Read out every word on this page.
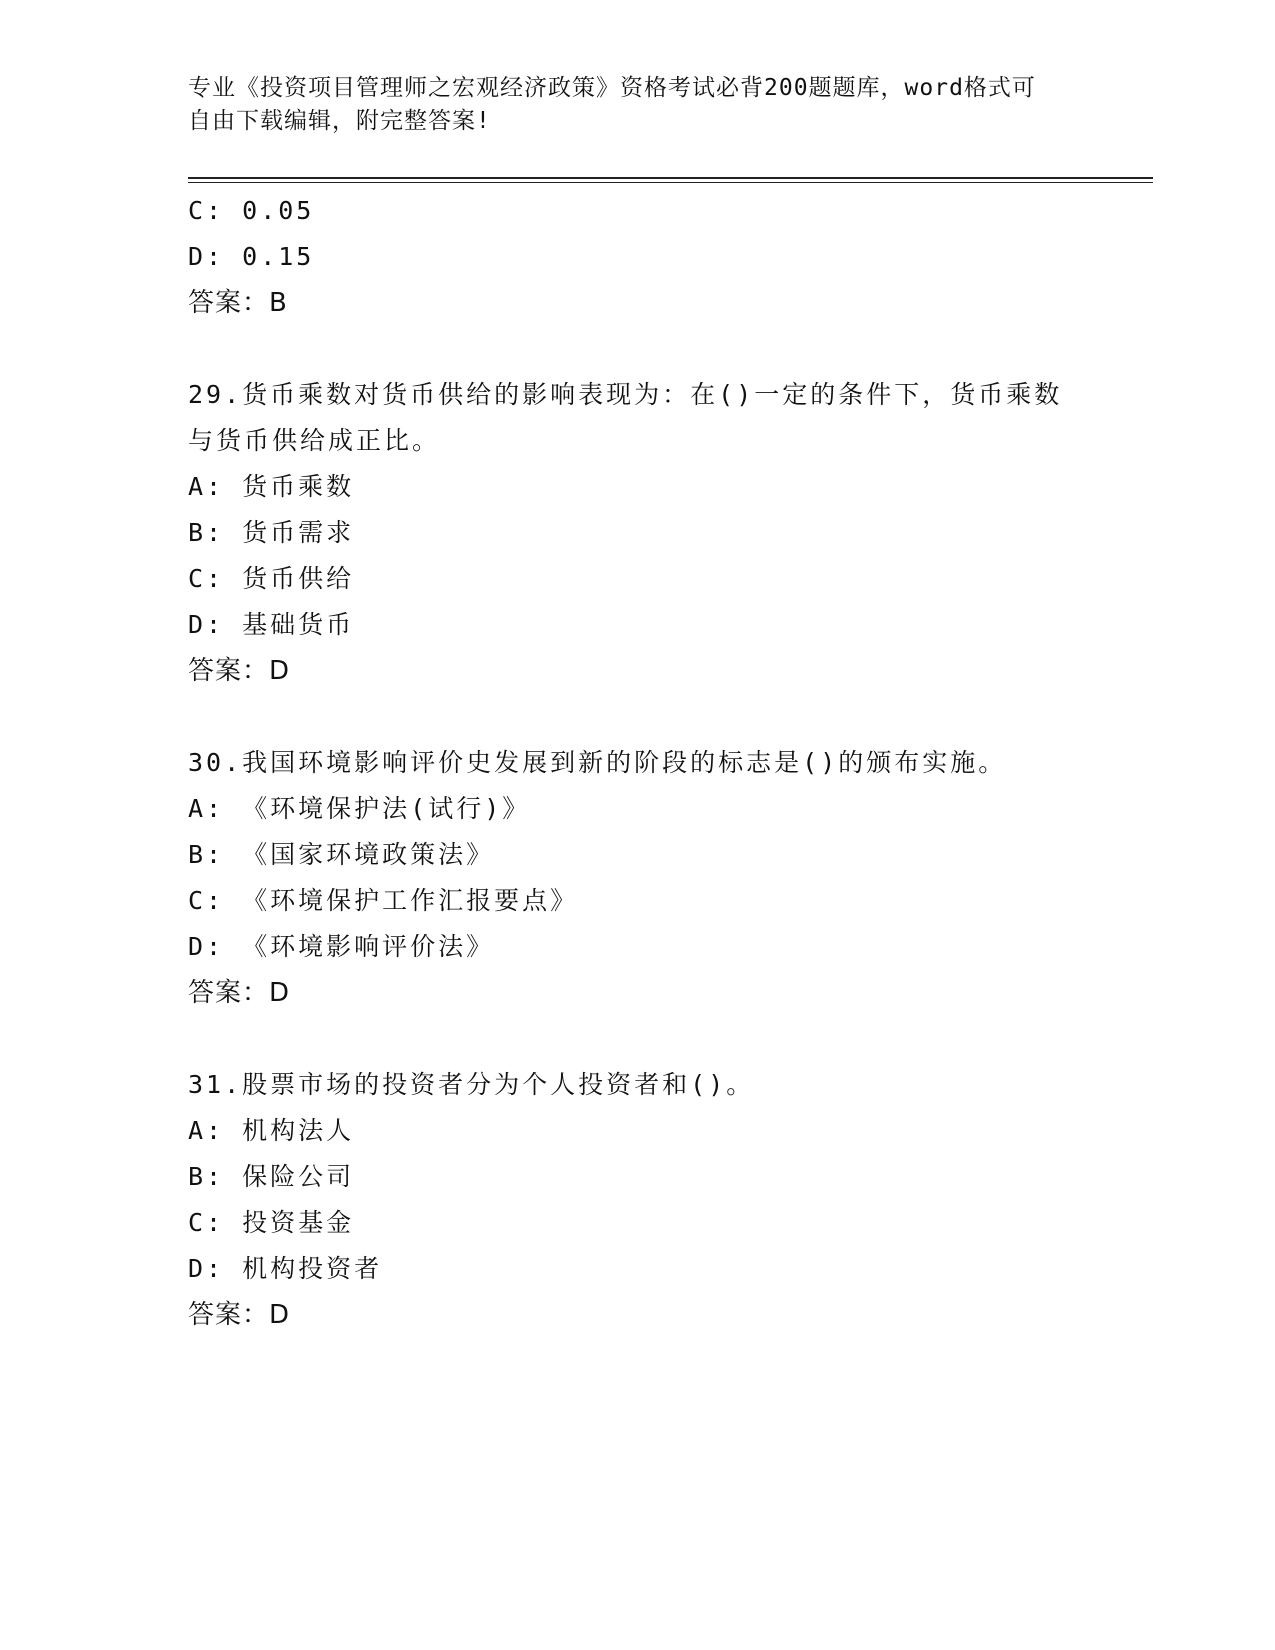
专业《投资项目管理师之宏观经济政策》资格考试必背200题题库，word格式可
自由下载编辑，附完整答案!
C: 0.05
D: 0.15
答案：B
29.货币乘数对货币供给的影响表现为：在()一定的条件下，货币乘数
与货币供给成正比。
A: 货币乘数
B: 货币需求
C: 货币供给
D: 基础货币
答案：D
30.我国环境影响评价史发展到新的阶段的标志是()的颁布实施。
A: 《环境保护法(试行)》
B: 《国家环境政策法》
C: 《环境保护工作汇报要点》
D: 《环境影响评价法》
答案：D
31.股票市场的投资者分为个人投资者和()。
A: 机构法人
B: 保险公司
C: 投资基金
D: 机构投资者
答案：D
